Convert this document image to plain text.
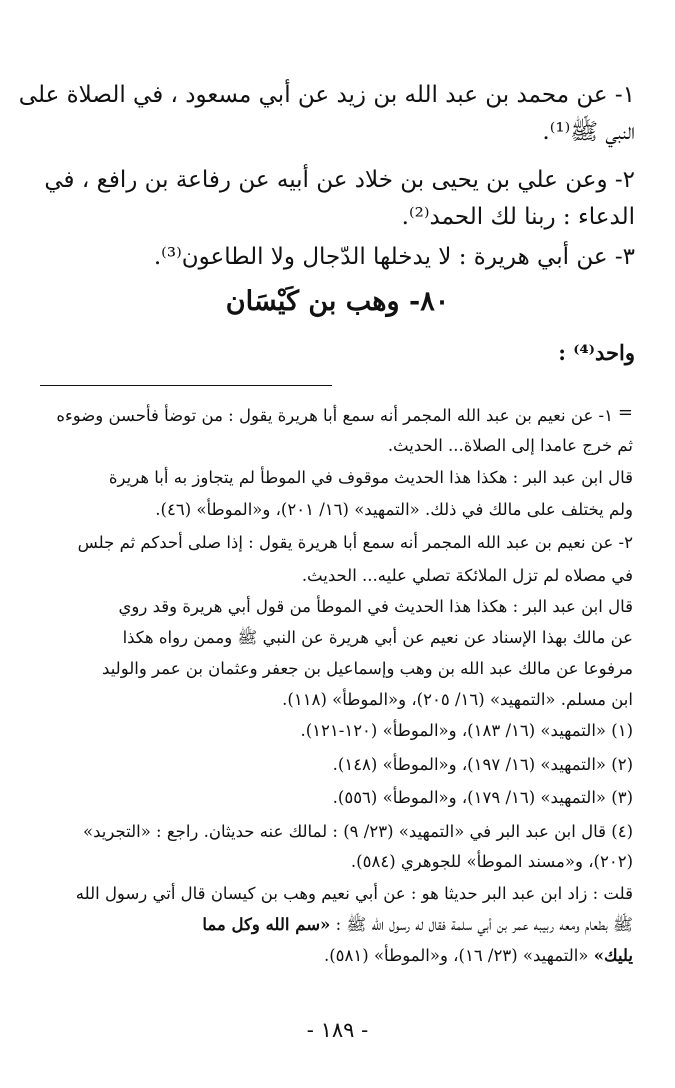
١- عن محمد بن عبد الله بن زيد عن أبي مسعود ، في الصلاة على
النبي ﷺ⁽¹⁾.
٢- وعن علي بن يحيى بن خلاد عن أبيه عن رفاعة بن رافع ، في
الدعاء : ربنا لك الحمد⁽²⁾.
٣- عن أبي هريرة : لا يدخلها الدّجال ولا الطاعون⁽³⁾.
٨٠- وهب بن كَيْسَان
واحد⁽⁴⁾ :
=
١- عن نعيم بن عبد الله المجمر أنه سمع أبا هريرة يقول : من توضأ فأحسن وضوءه
ثم خرج عامدا إلى الصلاة... الحديث.
قال ابن عبد البر : هكذا هذا الحديث موقوف في الموطأ لم يتجاوز به أبا هريرة
ولم يختلف على مالك في ذلك. «التمهيد» (١٦/ ٢٠١)، و«الموطأ» (٤٦).
٢- عن نعيم بن عبد الله المجمر أنه سمع أبا هريرة يقول : إذا صلى أحدكم ثم جلس
في مصلاه لم تزل الملائكة تصلي عليه... الحديث.
قال ابن عبد البر : هكذا هذا الحديث في الموطأ من قول أبي هريرة وقد روي
عن مالك بهذا الإسناد عن نعيم عن أبي هريرة عن النبي ﷺ وممن رواه هكذا
مرفوعا عن مالك عبد الله بن وهب وإسماعيل بن جعفر وعثمان بن عمر والوليد
ابن مسلم. «التمهيد» (١٦/ ٢٠٥)، و«الموطأ» (١١٨).
(١) «التمهيد» (١٦/ ١٨٣)، و«الموطأ» (١٢٠-١٢١).
(٢) «التمهيد» (١٦/ ١٩٧)، و«الموطأ» (١٤٨).
(٣) «التمهيد» (١٦/ ١٧٩)، و«الموطأ» (٥٥٦).
(٤) قال ابن عبد البر في «التمهيد» (٢٣/ ٩) : لمالك عنه حديثان. راجع : «التجريد»
(٢٠٢)، و«مسند الموطأ» للجوهري (٥٨٤).
قلت : زاد ابن عبد البر حديثا هو : عن أبي نعيم وهب بن كيسان قال أتي رسول الله
ﷺ بطعام ومعه ربيبه عمر بن أبي سلمة فقال له رسول الله ﷺ : «سم الله وكل مما
يليك» «التمهيد» (٢٣/ ١٦)، و«الموطأ» (٥٨١).
- ١٨٩ -
